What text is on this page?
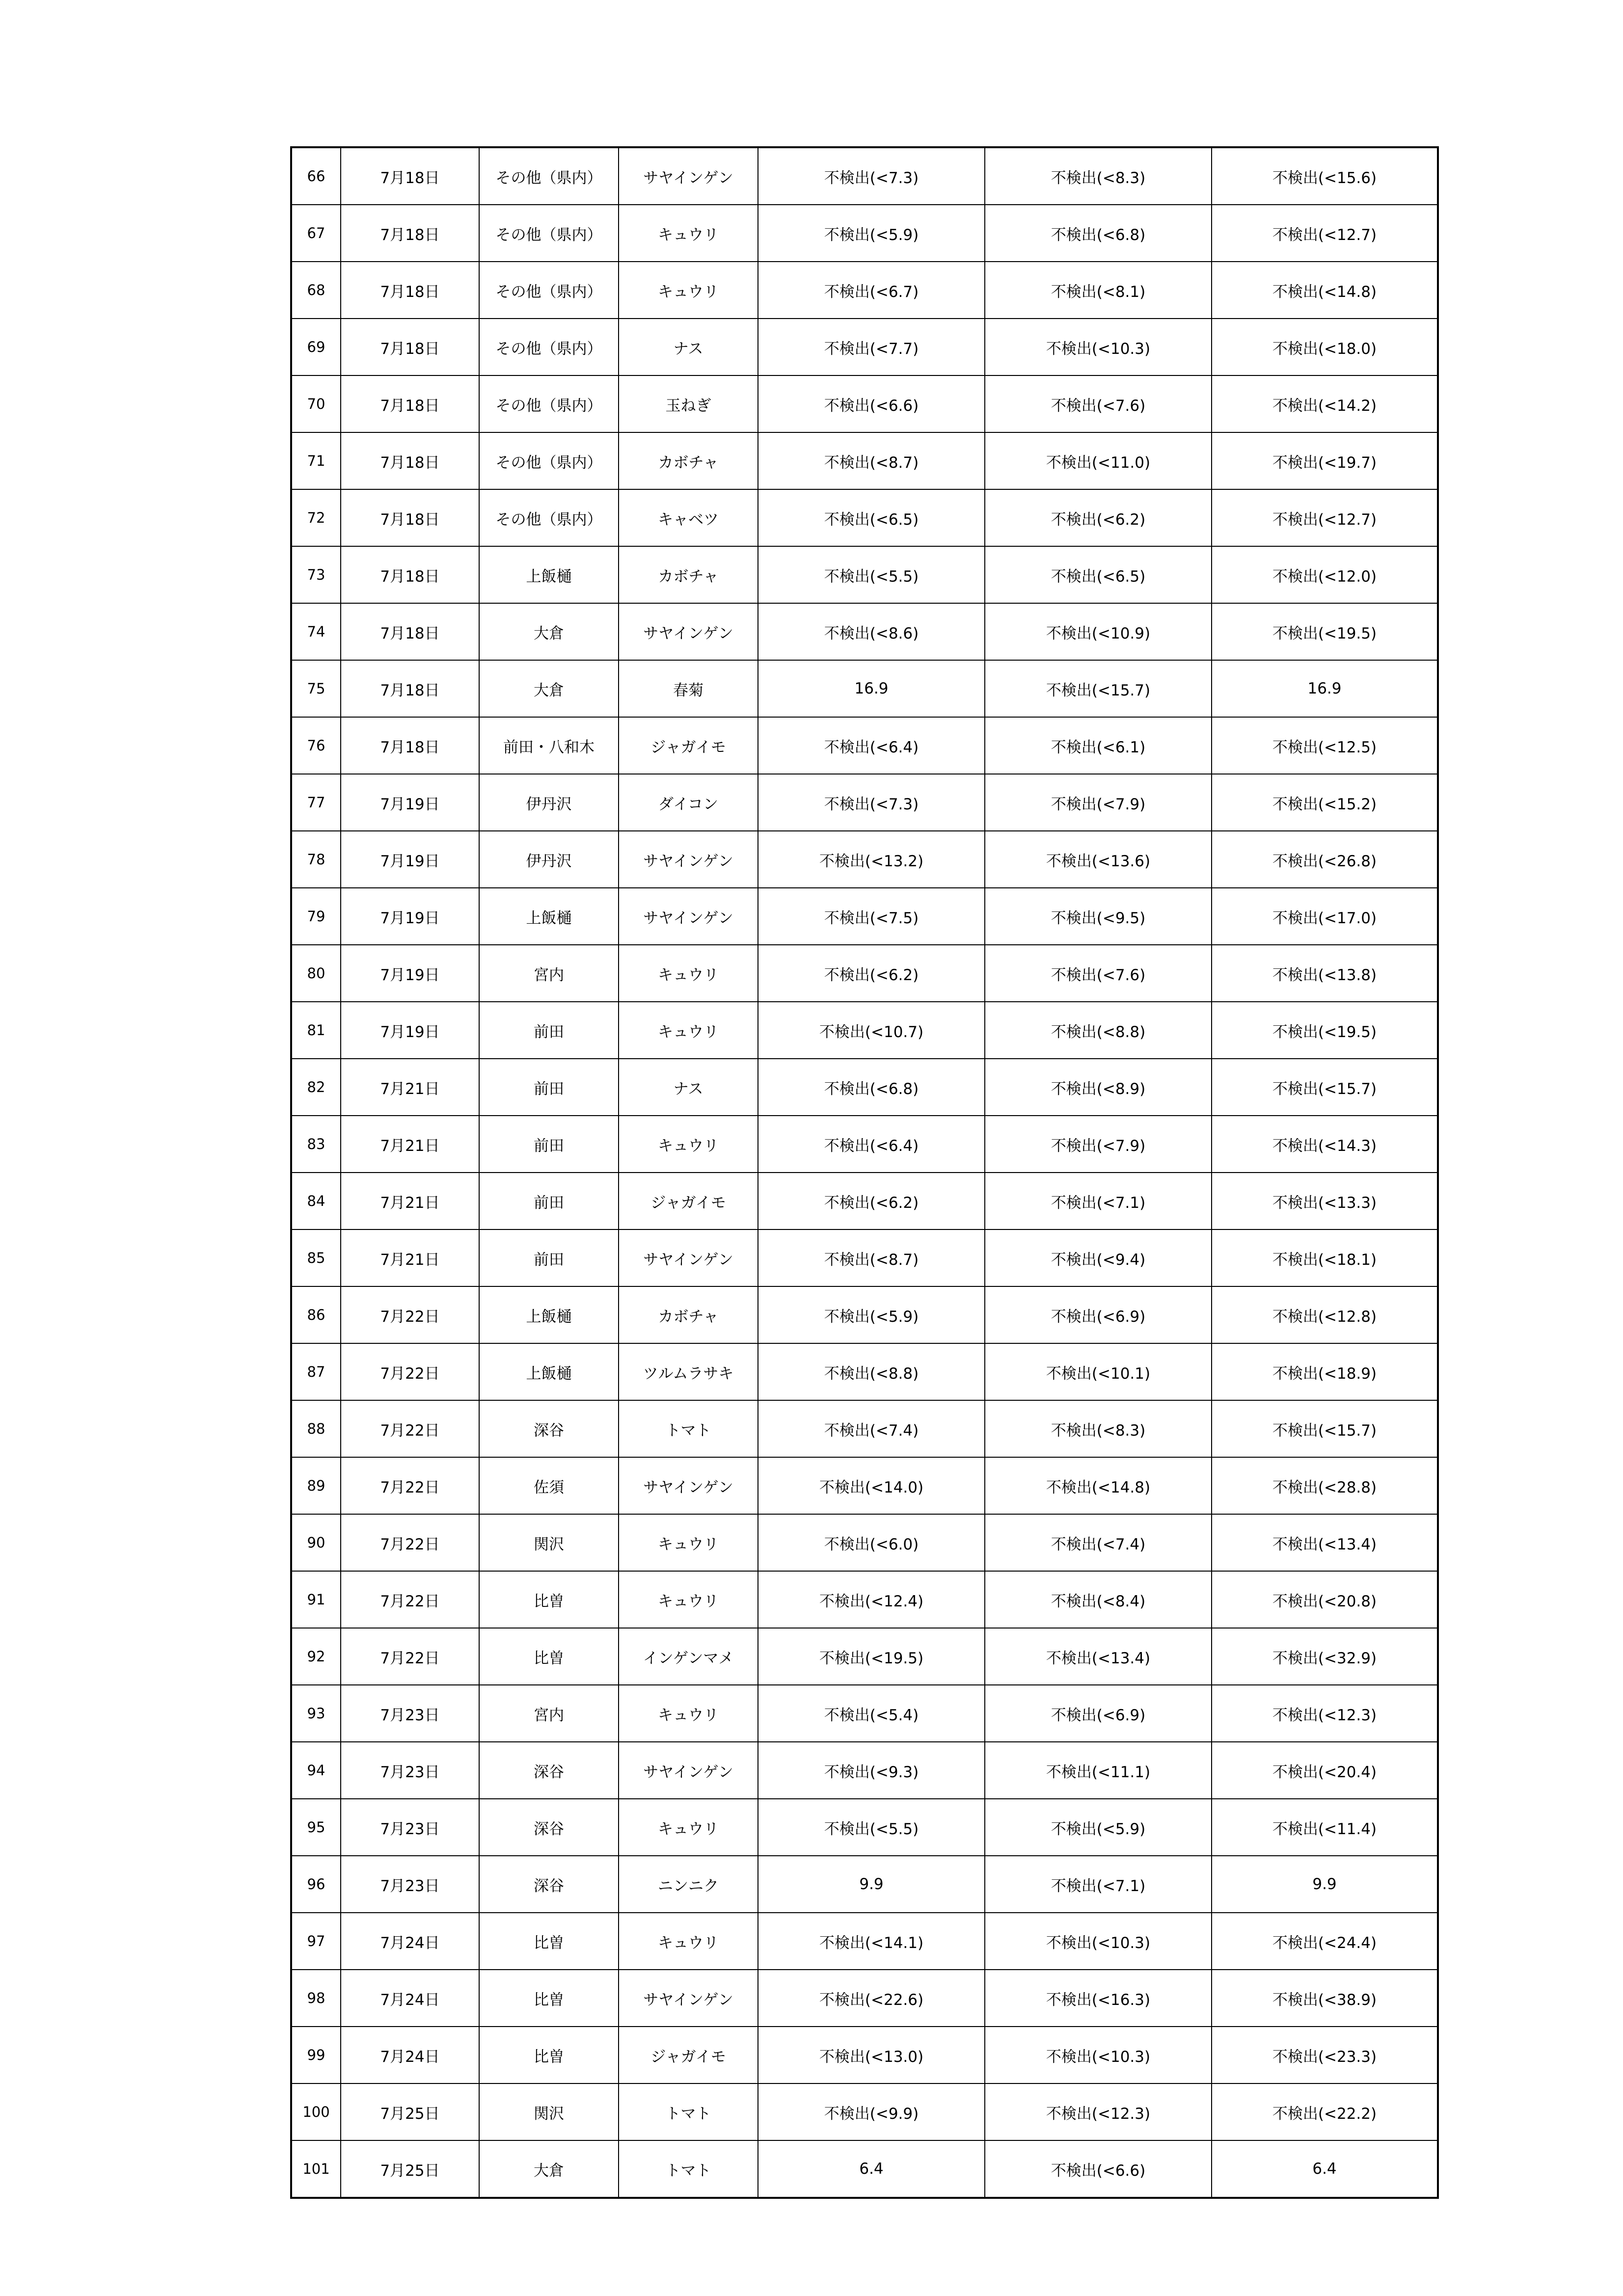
66	7月18日	その他（県内）	サヤインゲン	不検出(<7.3)	不検出(<8.3)	不検出(<15.6)
67	7月18日	その他（県内）	キュウリ	不検出(<5.9)	不検出(<6.8)	不検出(<12.7)
68	7月18日	その他（県内）	キュウリ	不検出(<6.7)	不検出(<8.1)	不検出(<14.8)
69	7月18日	その他（県内）	ナス	不検出(<7.7)	不検出(<10.3)	不検出(<18.0)
70	7月18日	その他（県内）	玉ねぎ	不検出(<6.6)	不検出(<7.6)	不検出(<14.2)
71	7月18日	その他（県内）	カボチャ	不検出(<8.7)	不検出(<11.0)	不検出(<19.7)
72	7月18日	その他（県内）	キャベツ	不検出(<6.5)	不検出(<6.2)	不検出(<12.7)
73	7月18日	上飯樋	カボチャ	不検出(<5.5)	不検出(<6.5)	不検出(<12.0)
74	7月18日	大倉	サヤインゲン	不検出(<8.6)	不検出(<10.9)	不検出(<19.5)
75	7月18日	大倉	春菊	16.9	不検出(<15.7)	16.9
76	7月18日	前田・八和木	ジャガイモ	不検出(<6.4)	不検出(<6.1)	不検出(<12.5)
77	7月19日	伊丹沢	ダイコン	不検出(<7.3)	不検出(<7.9)	不検出(<15.2)
78	7月19日	伊丹沢	サヤインゲン	不検出(<13.2)	不検出(<13.6)	不検出(<26.8)
79	7月19日	上飯樋	サヤインゲン	不検出(<7.5)	不検出(<9.5)	不検出(<17.0)
80	7月19日	宮内	キュウリ	不検出(<6.2)	不検出(<7.6)	不検出(<13.8)
81	7月19日	前田	キュウリ	不検出(<10.7)	不検出(<8.8)	不検出(<19.5)
82	7月21日	前田	ナス	不検出(<6.8)	不検出(<8.9)	不検出(<15.7)
83	7月21日	前田	キュウリ	不検出(<6.4)	不検出(<7.9)	不検出(<14.3)
84	7月21日	前田	ジャガイモ	不検出(<6.2)	不検出(<7.1)	不検出(<13.3)
85	7月21日	前田	サヤインゲン	不検出(<8.7)	不検出(<9.4)	不検出(<18.1)
86	7月22日	上飯樋	カボチャ	不検出(<5.9)	不検出(<6.9)	不検出(<12.8)
87	7月22日	上飯樋	ツルムラサキ	不検出(<8.8)	不検出(<10.1)	不検出(<18.9)
88	7月22日	深谷	トマト	不検出(<7.4)	不検出(<8.3)	不検出(<15.7)
89	7月22日	佐須	サヤインゲン	不検出(<14.0)	不検出(<14.8)	不検出(<28.8)
90	7月22日	関沢	キュウリ	不検出(<6.0)	不検出(<7.4)	不検出(<13.4)
91	7月22日	比曽	キュウリ	不検出(<12.4)	不検出(<8.4)	不検出(<20.8)
92	7月22日	比曽	インゲンマメ	不検出(<19.5)	不検出(<13.4)	不検出(<32.9)
93	7月23日	宮内	キュウリ	不検出(<5.4)	不検出(<6.9)	不検出(<12.3)
94	7月23日	深谷	サヤインゲン	不検出(<9.3)	不検出(<11.1)	不検出(<20.4)
95	7月23日	深谷	キュウリ	不検出(<5.5)	不検出(<5.9)	不検出(<11.4)
96	7月23日	深谷	ニンニク	9.9	不検出(<7.1)	9.9
97	7月24日	比曽	キュウリ	不検出(<14.1)	不検出(<10.3)	不検出(<24.4)
98	7月24日	比曽	サヤインゲン	不検出(<22.6)	不検出(<16.3)	不検出(<38.9)
99	7月24日	比曽	ジャガイモ	不検出(<13.0)	不検出(<10.3)	不検出(<23.3)
100	7月25日	関沢	トマト	不検出(<9.9)	不検出(<12.3)	不検出(<22.2)
101	7月25日	大倉	トマト	6.4	不検出(<6.6)	6.4
